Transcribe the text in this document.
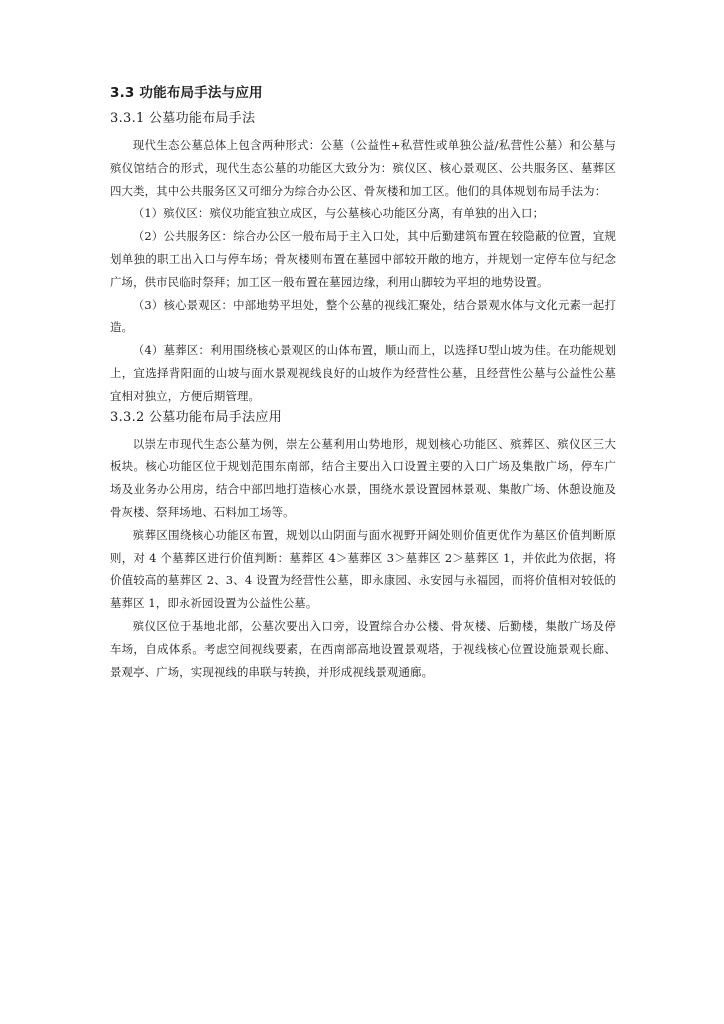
3.3 功能布局手法与应用
3.3.1 公墓功能布局手法

现代生态公墓总体上包含两种形式：公墓（公益性+私营性或单独公益/私营性公墓）和公墓与殡仪馆结合的形式，现代生态公墓的功能区大致分为：殡仪区、核心景观区、公共服务区、墓葬区四大类，其中公共服务区又可细分为综合办公区、骨灰楼和加工区。他们的具体规划布局手法为：

（1）殡仪区：殡仪功能宜独立成区，与公墓核心功能区分离，有单独的出入口；

（2）公共服务区：综合办公区一般布局于主入口处，其中后勤建筑布置在较隐蔽的位置，宜规划单独的职工出入口与停车场；骨灰楼则布置在墓园中部较开敞的地方，并规划一定停车位与纪念广场，供市民临时祭拜；加工区一般布置在墓园边缘，利用山脚较为平坦的地势设置。

（3）核心景观区：中部地势平坦处，整个公墓的视线汇聚处，结合景观水体与文化元素一起打造。

（4）墓葬区：利用围绕核心景观区的山体布置，顺山而上，以选择U型山坡为佳。在功能规划上，宜选择背阳面的山坡与面水景观视线良好的山坡作为经营性公墓，且经营性公墓与公益性公墓宜相对独立，方便后期管理。

3.3.2 公墓功能布局手法应用

以崇左市现代生态公墓为例，崇左公墓利用山势地形，规划核心功能区、殡葬区、殡仪区三大板块。核心功能区位于规划范围东南部，结合主要出入口设置主要的入口广场及集散广场，停车广场及业务办公用房，结合中部凹地打造核心水景，围绕水景设置园林景观、集散广场、休憩设施及骨灰楼、祭拜场地、石料加工场等。

殡葬区围绕核心功能区布置，规划以山阴面与面水视野开阔处则价值更优作为墓区价值判断原则，对 4 个墓葬区进行价值判断：墓葬区 4＞墓葬区 3＞墓葬区 2＞墓葬区 1，并依此为依据，将价值较高的墓葬区 2、3、4 设置为经营性公墓，即永康园、永安园与永福园，而将价值相对较低的墓葬区 1，即永祈园设置为公益性公墓。

殡仪区位于基地北部，公墓次要出入口旁，设置综合办公楼、骨灰楼、后勤楼，集散广场及停车场，自成体系。考虑空间视线要素，在西南部高地设置景观塔，于视线核心位置设施景观长廊、景观亭、广场，实现视线的串联与转换，并形成视线景观通廊。
